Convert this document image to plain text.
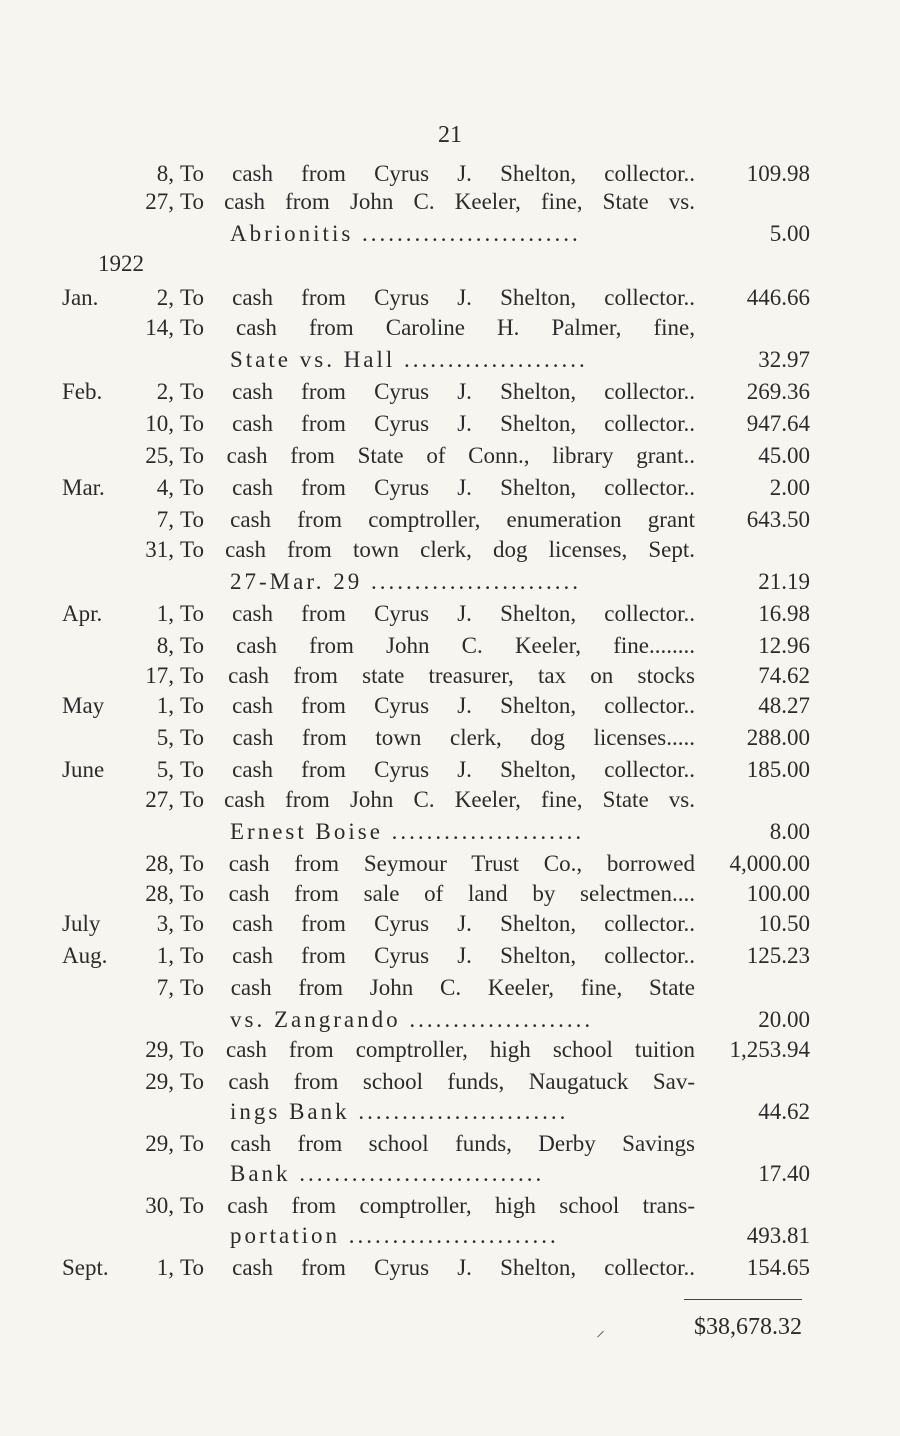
21
1922
8, To cash from Cyrus J. Shelton, collector..	109.98
27, To cash from John C. Keeler, fine, State vs.
Abrionitis .........................	5.00
Jan.	2, To cash from Cyrus J. Shelton, collector..	446.66
14, To cash from Caroline H. Palmer, fine,
State vs. Hall .....................	32.97
Feb.	2, To cash from Cyrus J. Shelton, collector..	269.36
10, To cash from Cyrus J. Shelton, collector..	947.64
25, To cash from State of Conn., library grant..	45.00
Mar.	4, To cash from Cyrus J. Shelton, collector..	2.00
7, To cash from comptroller, enumeration grant	643.50
31, To cash from town clerk, dog licenses, Sept.
27-Mar. 29 ........................	21.19
Apr.	1, To cash from Cyrus J. Shelton, collector..	16.98
8, To cash from John C. Keeler, fine........	12.96
17, To cash from state treasurer, tax on stocks	74.62
May	1, To cash from Cyrus J. Shelton, collector..	48.27
5, To cash from town clerk, dog licenses.....	288.00
June	5, To cash from Cyrus J. Shelton, collector..	185.00
27, To cash from John C. Keeler, fine, State vs.
Ernest Boise ......................	8.00
28, To cash from Seymour Trust Co., borrowed	4,000.00
28, To cash from sale of land by selectmen....	100.00
July	3, To cash from Cyrus J. Shelton, collector..	10.50
Aug.	1, To cash from Cyrus J. Shelton, collector..	125.23
7, To cash from John C. Keeler, fine, State
vs. Zangrando .....................	20.00
29, To cash from comptroller, high school tuition	1,253.94
29, To cash from school funds, Naugatuck Sav-
ings Bank ........................	44.62
29, To cash from school funds, Derby Savings
Bank ............................	17.40
30, To cash from comptroller, high school trans-
portation ........................	493.81
Sept.	1, To cash from Cyrus J. Shelton, collector..	154.65
⸝	$38,678.32
